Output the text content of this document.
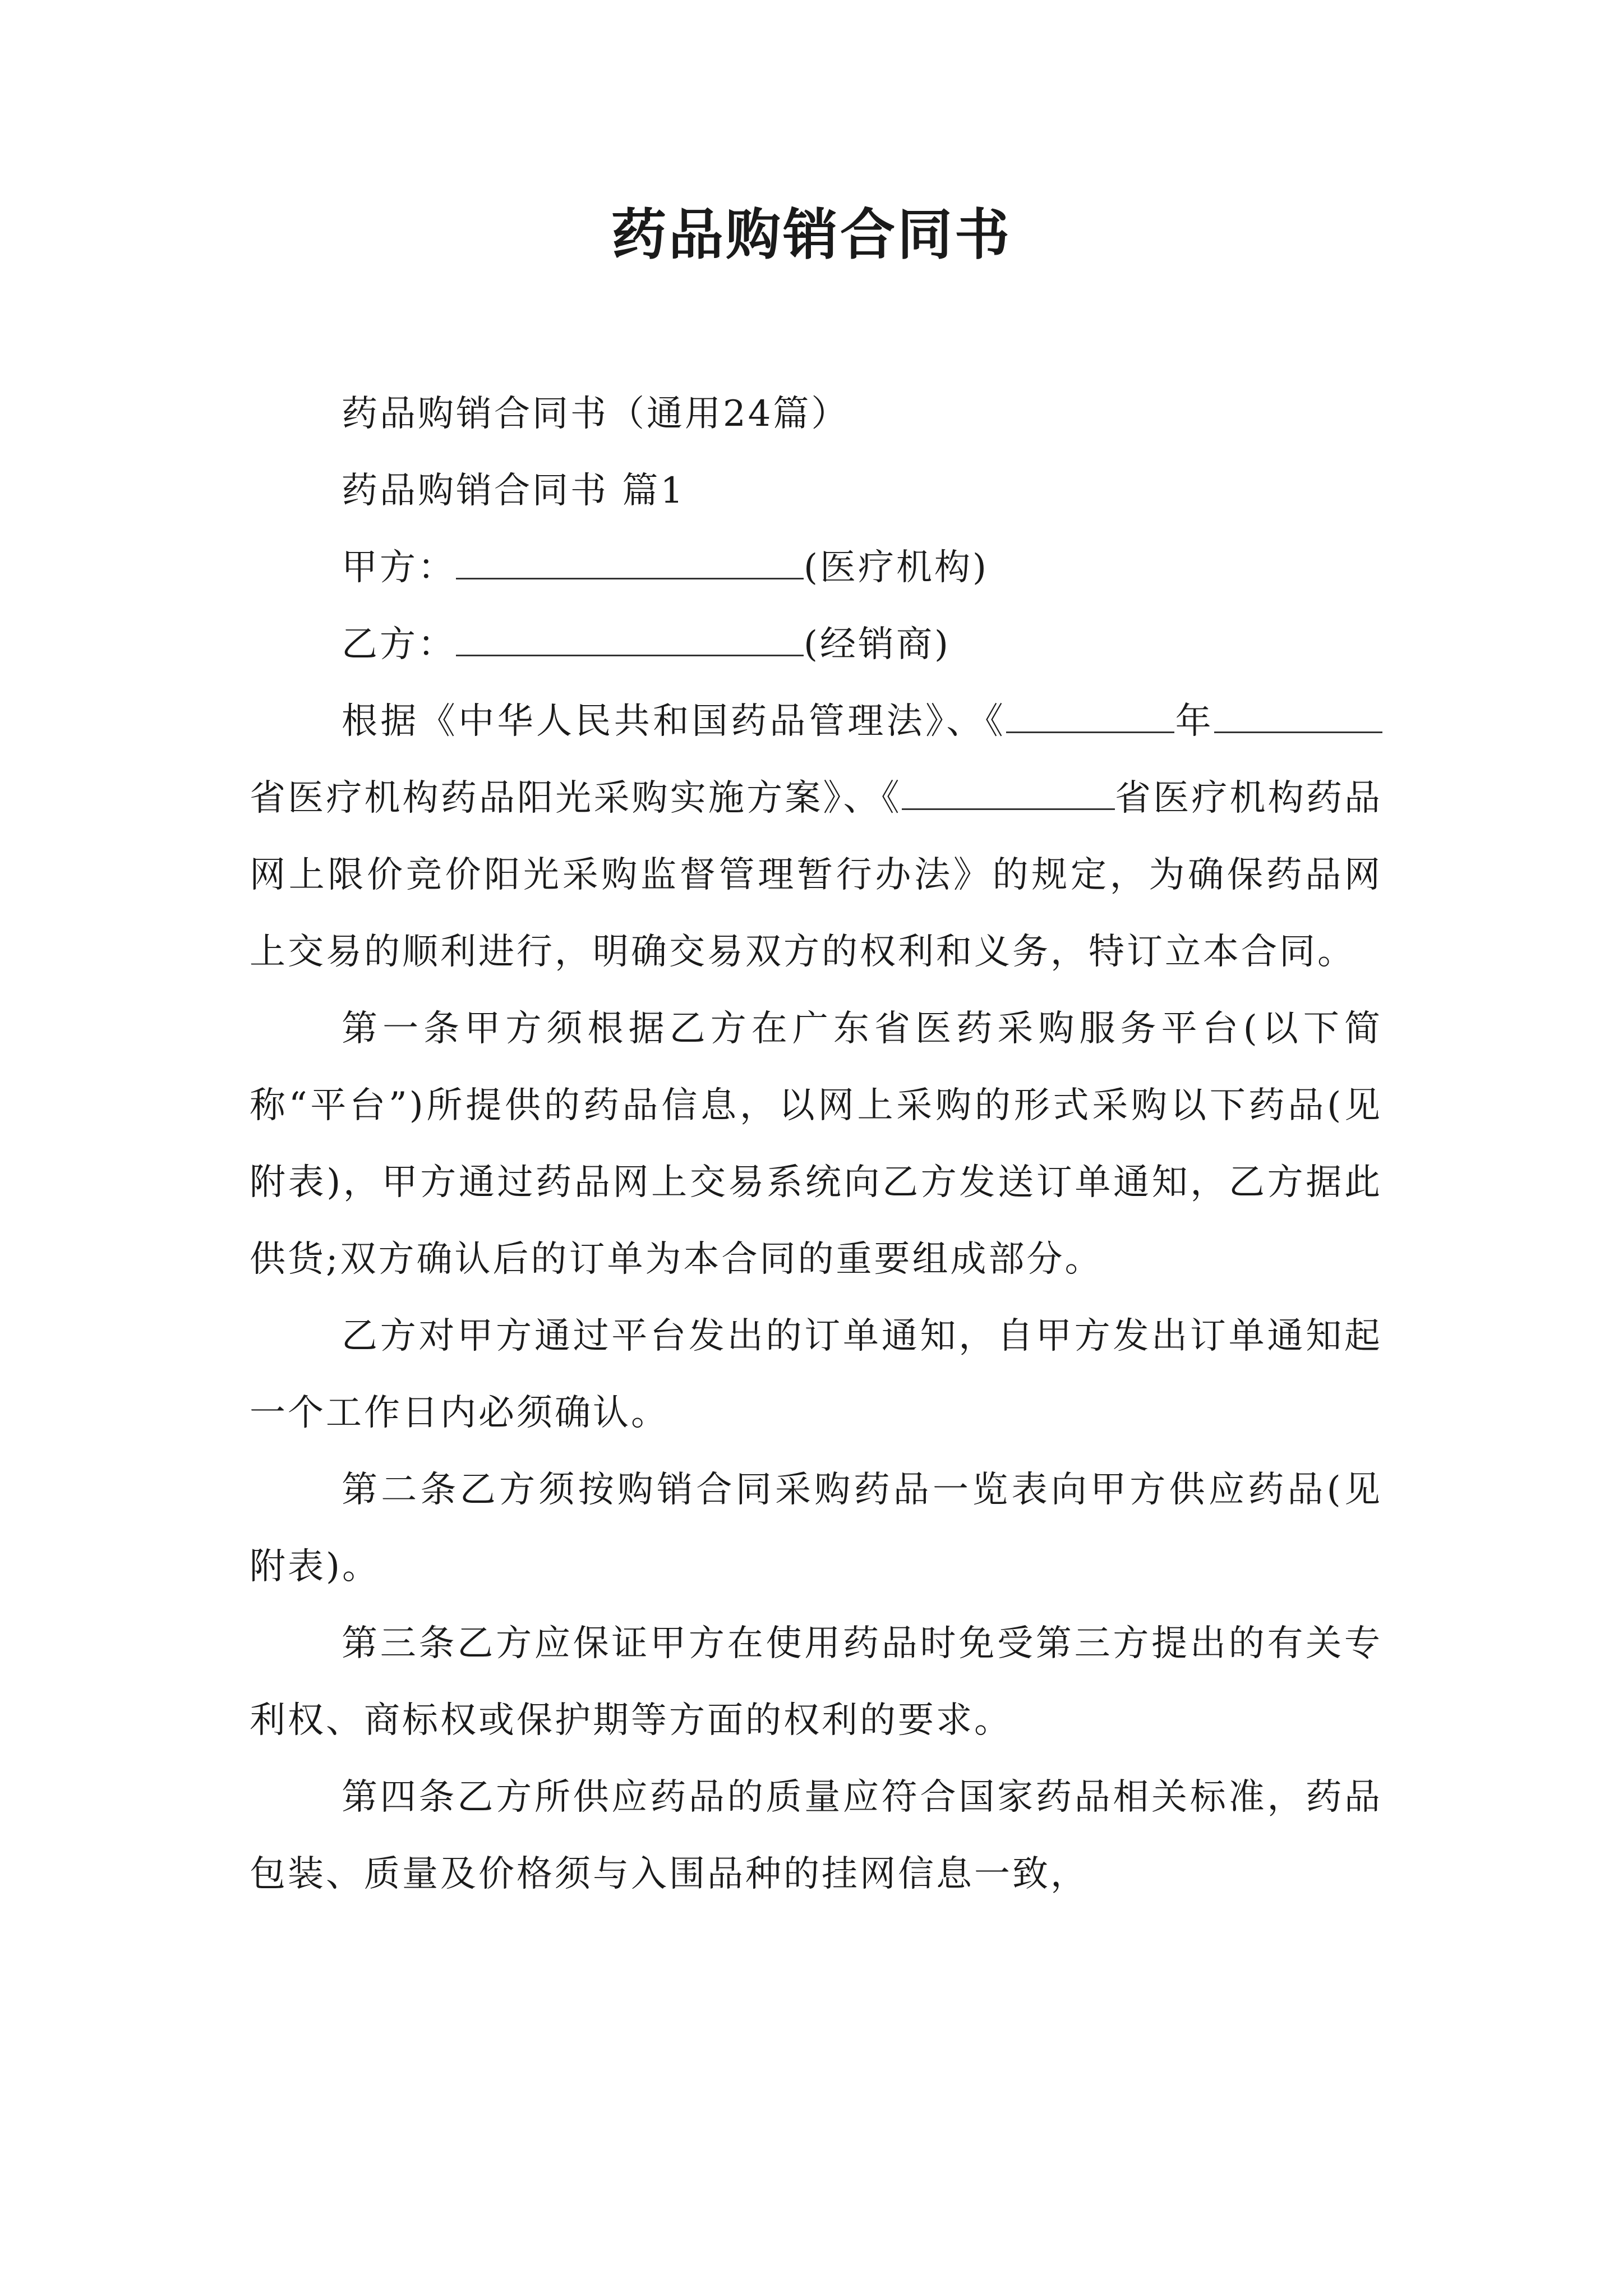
药品购销合同书

药品购销合同书（通用24篇）

药品购销合同书 篇1

甲方：	(医疗机构)

乙方：	(经销商)

根据《中华人民共和国药品管理法》、《	年省医疗机构药品阳光采购实施方案》、《	省医疗机构药品网上限价竞价阳光采购监督管理暂行办法》的规定，为确保药品网上交易的顺利进行，明确交易双方的权利和义务，特订立本合同。

第一条甲方须根据乙方在广东省医药采购服务平台(以下简称“平台”)所提供的药品信息，以网上采购的形式采购以下药品(见附表)，甲方通过药品网上交易系统向乙方发送订单通知，乙方据此供货;双方确认后的订单为本合同的重要组成部分。

乙方对甲方通过平台发出的订单通知，自甲方发出订单通知起一个工作日内必须确认。

第二条乙方须按购销合同采购药品一览表向甲方供应药品(见附表)。

第三条乙方应保证甲方在使用药品时免受第三方提出的有关专利权、商标权或保护期等方面的权利的要求。

第四条乙方所供应药品的质量应符合国家药品相关标准，药品包装、质量及价格须与入围品种的挂网信息一致，
